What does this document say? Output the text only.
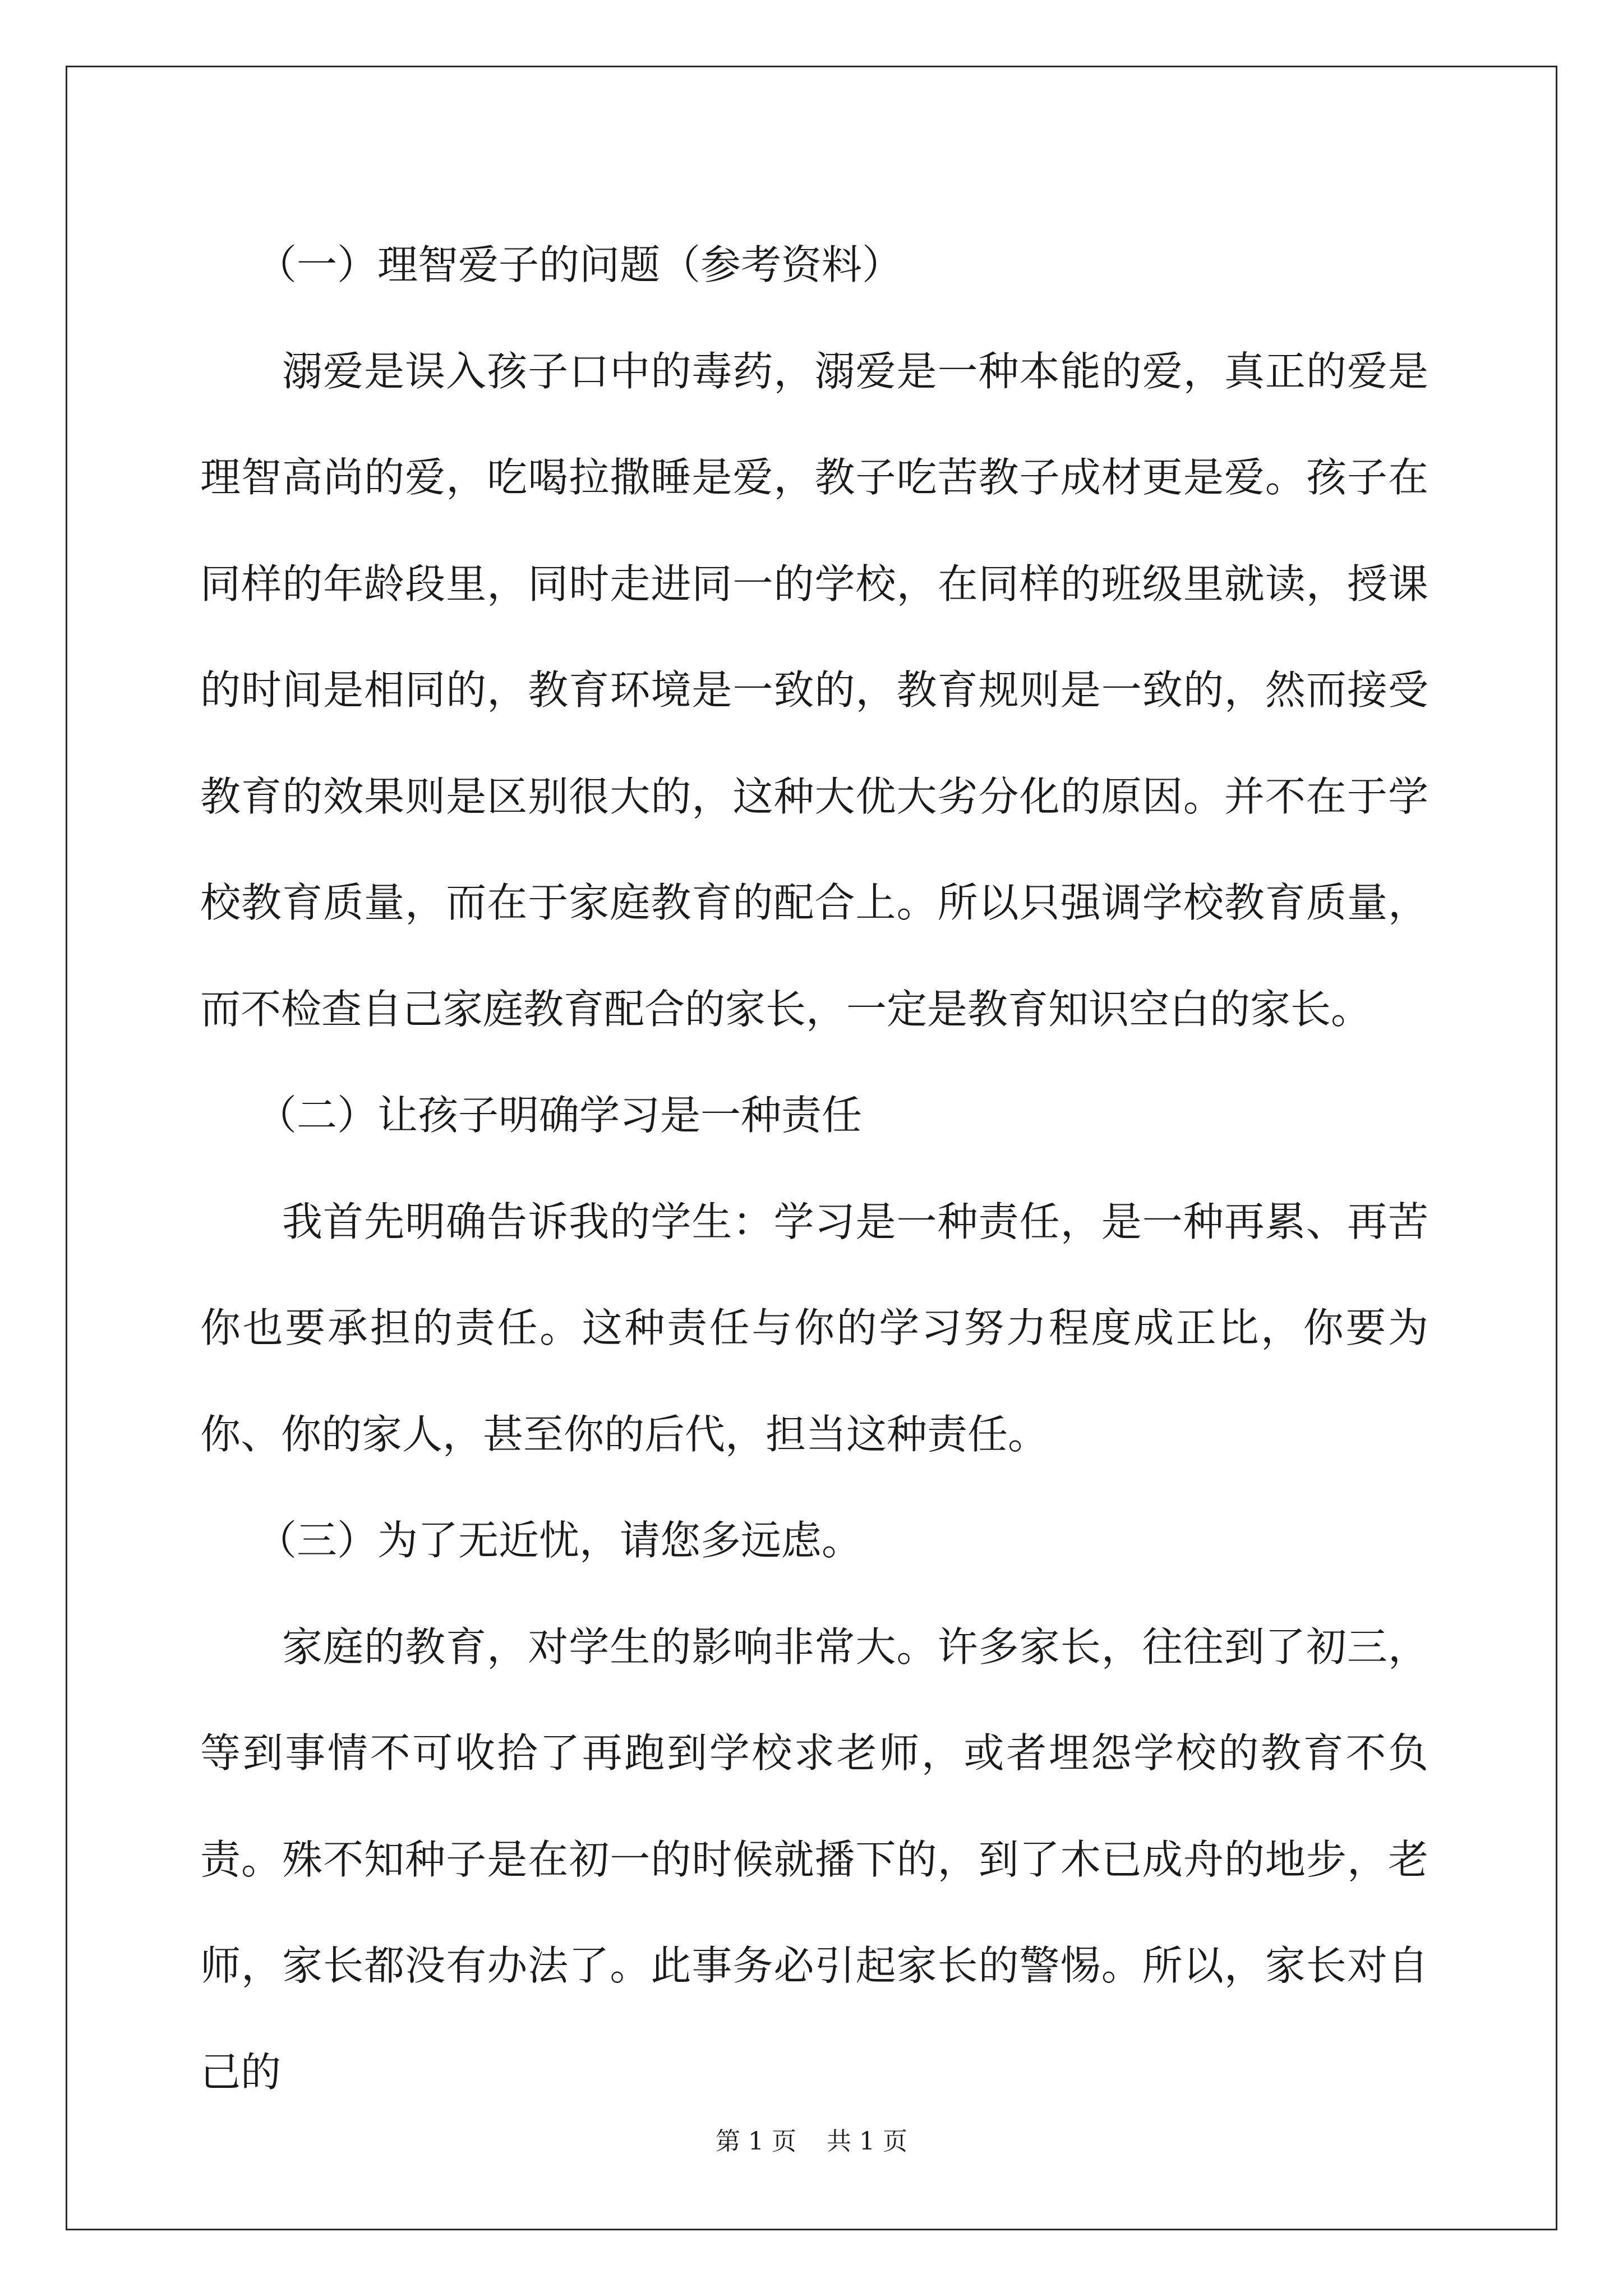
（一）理智爱子的问题（参考资料）

溺爱是误入孩子口中的毒药，溺爱是一种本能的爱，真正的爱是理智高尚的爱，吃喝拉撒睡是爱，教子吃苦教子成材更是爱。孩子在同样的年龄段里，同时走进同一的学校，在同样的班级里就读，授课的时间是相同的，教育环境是一致的，教育规则是一致的，然而接受教育的效果则是区别很大的，这种大优大劣分化的原因。并不在于学校教育质量，而在于家庭教育的配合上。所以只强调学校教育质量，而不检查自己家庭教育配合的家长，一定是教育知识空白的家长。

（二）让孩子明确学习是一种责任

我首先明确告诉我的学生：学习是一种责任，是一种再累、再苦你也要承担的责任。这种责任与你的学习努力程度成正比，你要为你、你的家人，甚至你的后代，担当这种责任。

（三）为了无近忧，请您多远虑。

家庭的教育，对学生的影响非常大。许多家长，往往到了初三，等到事情不可收拾了再跑到学校求老师，或者埋怨学校的教育不负责。殊不知种子是在初一的时候就播下的，到了木已成舟的地步，老师，家长都没有办法了。此事务必引起家长的警惕。所以，家长对自己的

第 1 页 共 1 页
